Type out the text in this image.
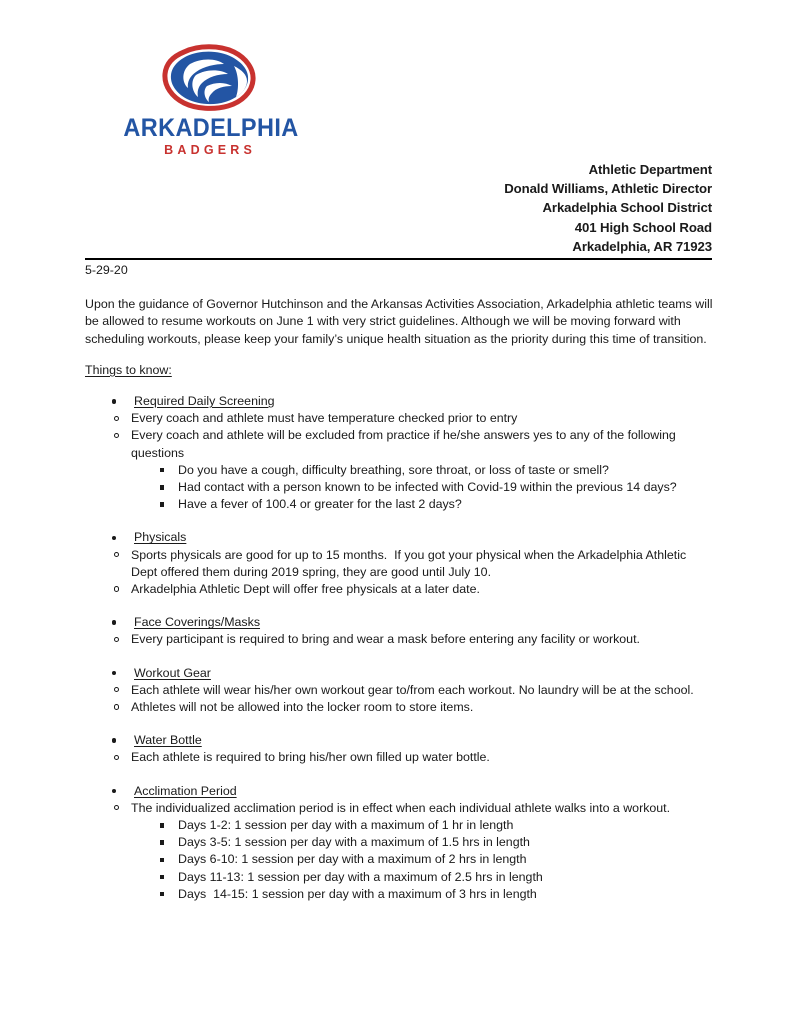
ARKADELPHIA
BADGERS
Athletic Department
Donald Williams, Athletic Director
Arkadelphia School District
401 High School Road
Arkadelphia, AR 71923
5-29-20

Upon the guidance of Governor Hutchinson and the Arkansas Activities Association, Arkadelphia athletic teams will be allowed to resume workouts on June 1 with very strict guidelines. Although we will be moving forward with scheduling workouts, please keep your family’s unique health situation as the priority during this time of transition.

Things to know:

Required Daily Screening
Every coach and athlete must have temperature checked prior to entry
Every coach and athlete will be excluded from practice if he/she answers yes to any of the following questions
Do you have a cough, difficulty breathing, sore throat, or loss of taste or smell?
Had contact with a person known to be infected with Covid-19 within the previous 14 days?
Have a fever of 100.4 or greater for the last 2 days?
Physicals
Sports physicals are good for up to 15 months.  If you got your physical when the Arkadelphia Athletic Dept offered them during 2019 spring, they are good until July 10.
Arkadelphia Athletic Dept will offer free physicals at a later date.
Face Coverings/Masks
Every participant is required to bring and wear a mask before entering any facility or workout.
Workout Gear
Each athlete will wear his/her own workout gear to/from each workout. No laundry will be at the school.
Athletes will not be allowed into the locker room to store items.
Water Bottle
Each athlete is required to bring his/her own filled up water bottle.
Acclimation Period
The individualized acclimation period is in effect when each individual athlete walks into a workout.
Days 1-2: 1 session per day with a maximum of 1 hr in length
Days 3-5: 1 session per day with a maximum of 1.5 hrs in length
Days 6-10: 1 session per day with a maximum of 2 hrs in length
Days 11-13: 1 session per day with a maximum of 2.5 hrs in length
Days  14-15: 1 session per day with a maximum of 3 hrs in length
